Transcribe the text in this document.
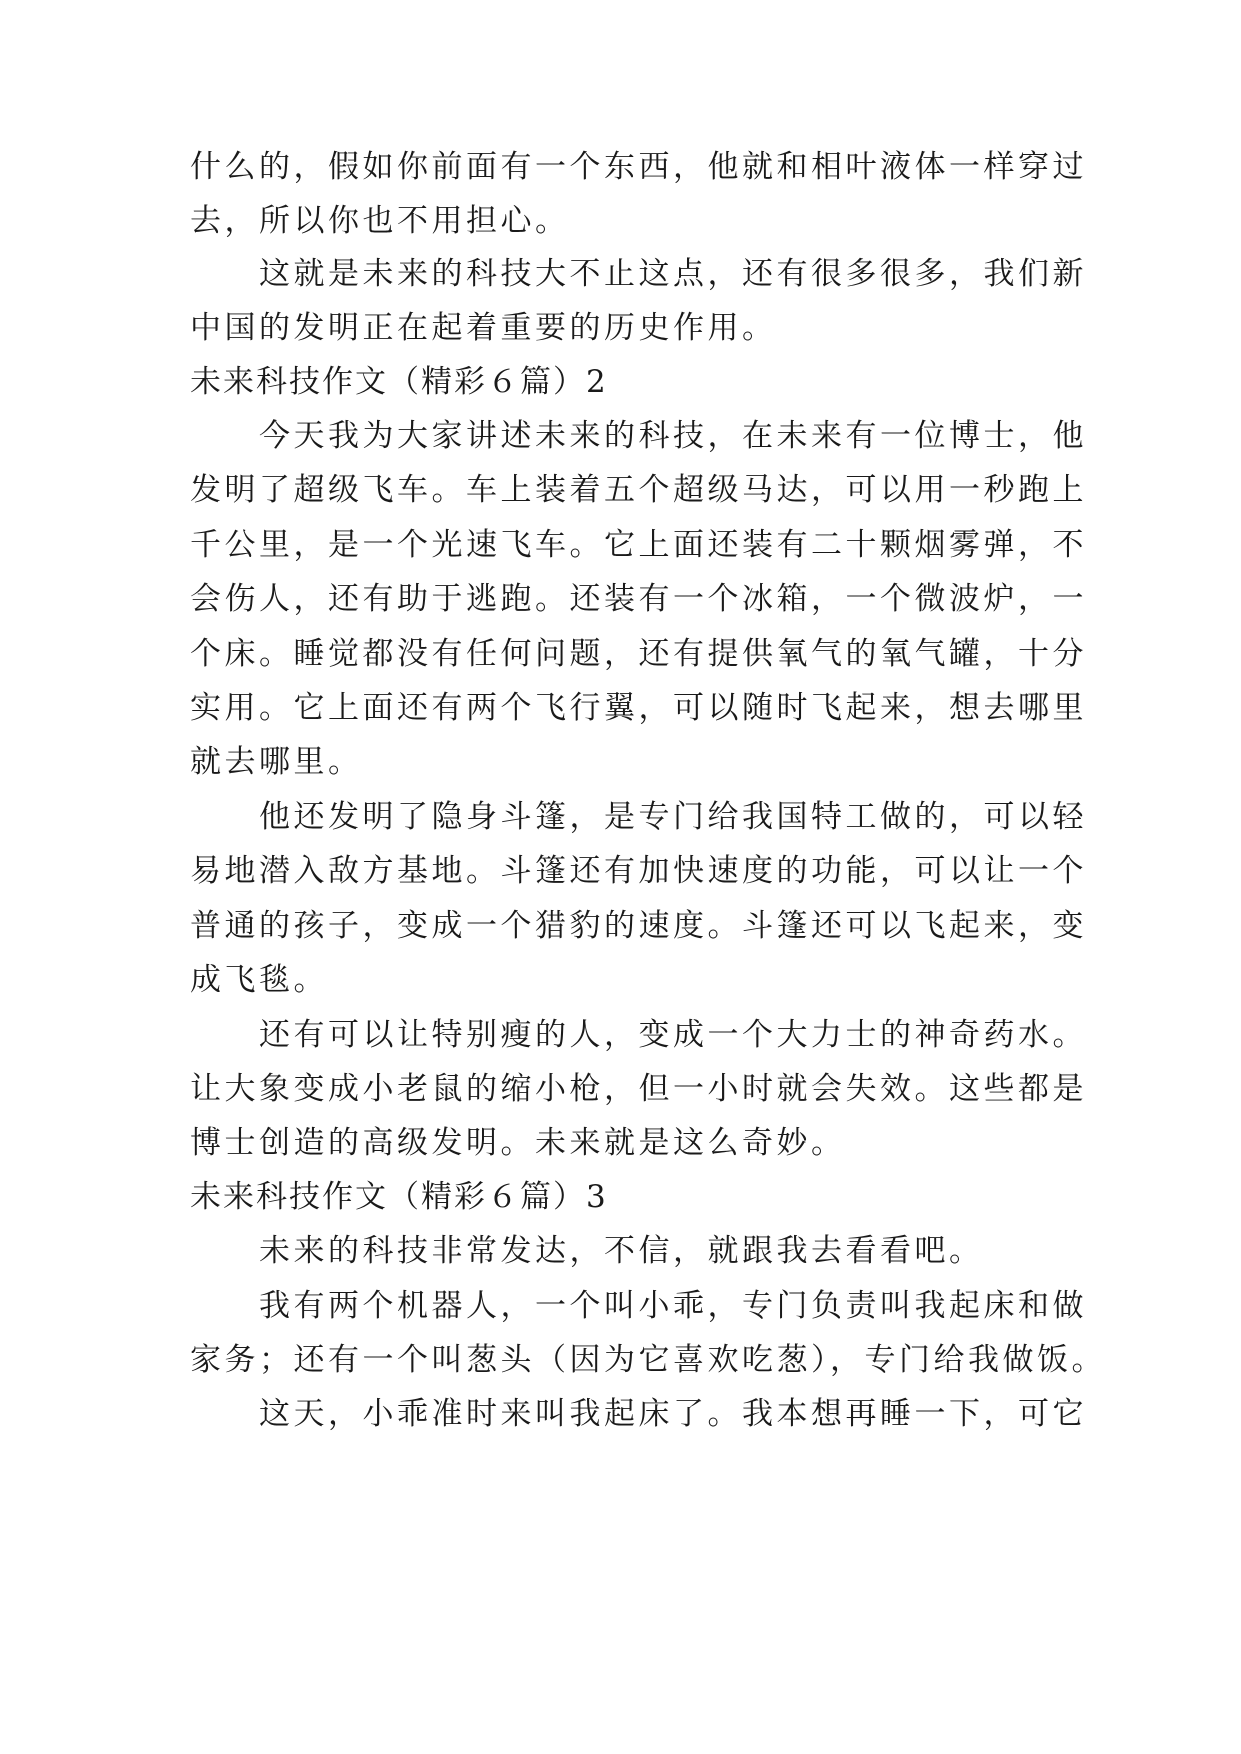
什么的，假如你前面有一个东西，他就和相叶液体一样穿过
去，所以你也不用担心。
　　这就是未来的科技大不止这点，还有很多很多，我们新
中国的发明正在起着重要的历史作用。
未来科技作文（精彩６篇）2
　　今天我为大家讲述未来的科技，在未来有一位博士，他
发明了超级飞车。车上装着五个超级马达，可以用一秒跑上
千公里，是一个光速飞车。它上面还装有二十颗烟雾弹，不
会伤人，还有助于逃跑。还装有一个冰箱，一个微波炉，一
个床。睡觉都没有任何问题，还有提供氧气的氧气罐，十分
实用。它上面还有两个飞行翼，可以随时飞起来，想去哪里
就去哪里。
　　他还发明了隐身斗篷，是专门给我国特工做的，可以轻
易地潜入敌方基地。斗篷还有加快速度的功能，可以让一个
普通的孩子，变成一个猎豹的速度。斗篷还可以飞起来，变
成飞毯。
　　还有可以让特别瘦的人，变成一个大力士的神奇药水。
让大象变成小老鼠的缩小枪，但一小时就会失效。这些都是
博士创造的高级发明。未来就是这么奇妙。
未来科技作文（精彩６篇）3
　　未来的科技非常发达，不信，就跟我去看看吧。
　　我有两个机器人，一个叫小乖，专门负责叫我起床和做
家务；还有一个叫葱头（因为它喜欢吃葱），专门给我做饭。
　　这天，小乖准时来叫我起床了。我本想再睡一下，可它
